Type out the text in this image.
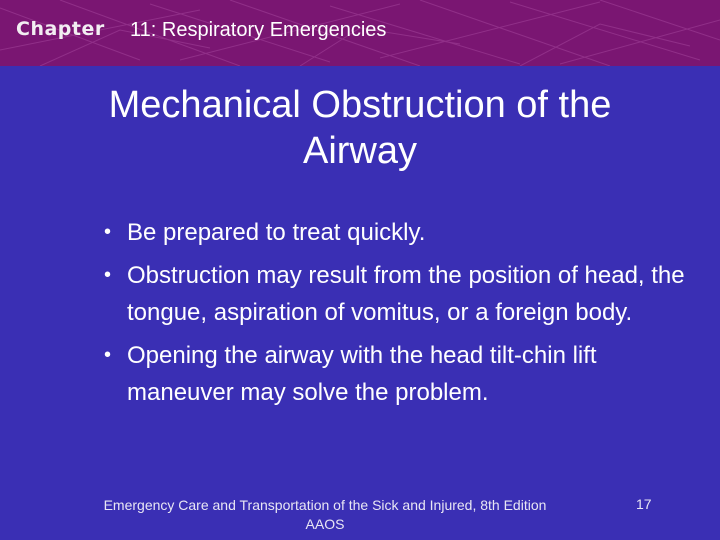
Chapter 11: Respiratory Emergencies
Mechanical Obstruction of the
Airway
• Be prepared to treat quickly.
• Obstruction may result from the position of head, the tongue, aspiration of vomitus, or a foreign body.
• Opening the airway with the head tilt-chin lift maneuver may solve the problem.
Emergency Care and Transportation of the Sick and Injured, 8th Edition
AAOS
17
